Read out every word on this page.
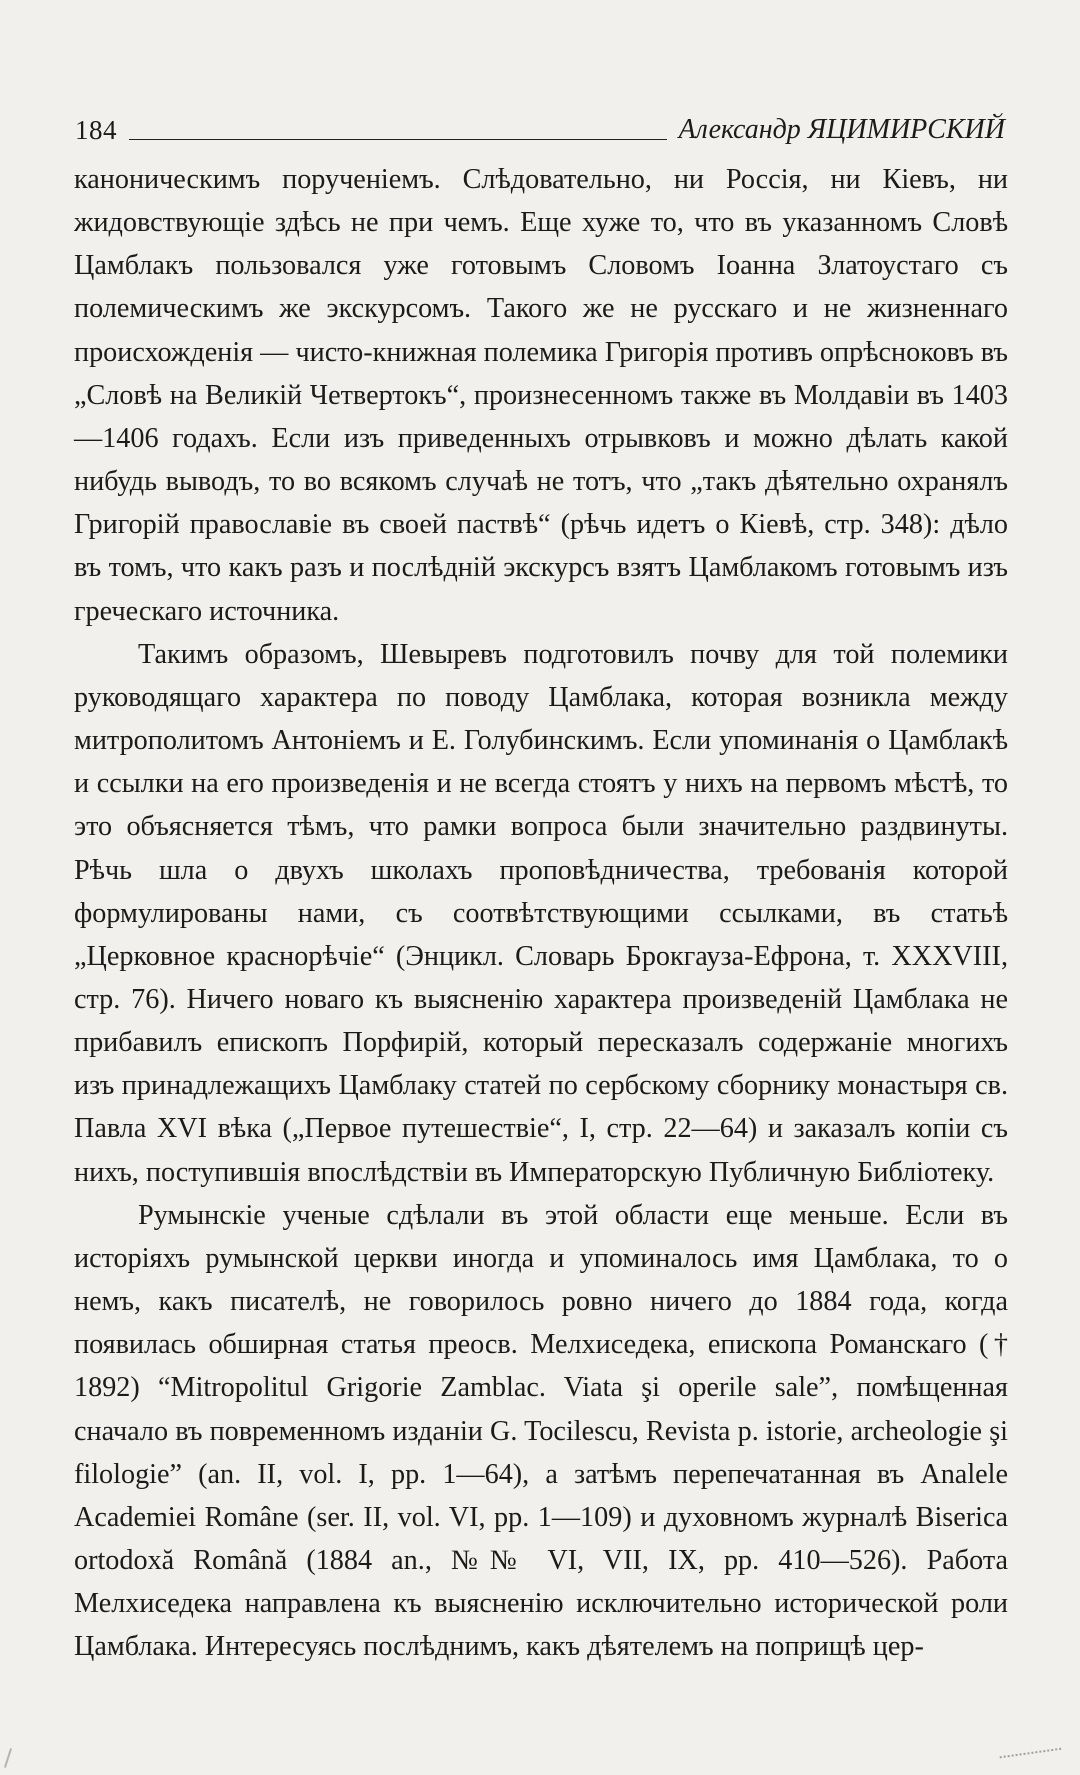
184	Александр ЯЦИМИРСКИЙ

каноническимъ порученіемъ. Слѣдовательно, ни Россія, ни Кіевъ, ни жидовствующіе здѣсь не при чемъ. Еще хуже то, что въ указанномъ Словѣ Цамблакъ пользовался уже готовымъ Словомъ Іоанна Златоустаго съ полемическимъ же экскурсомъ. Такого же не русскаго и не жизненнаго происхожденія — чисто-книжная полемика Григорія противъ опрѣсноковъ въ „Словѣ на Великій Четвертокъ“, произнесенномъ также въ Молдавіи въ 1403—1406 годахъ. Если изъ приведенныхъ отрывковъ и можно дѣлать какой нибудь выводъ, то во всякомъ случаѣ не тотъ, что „такъ дѣятельно охранялъ Григорій православіе въ своей паствѣ“ (рѣчь идетъ о Кіевѣ, стр. 348): дѣло въ томъ, что какъ разъ и послѣдній экскурсъ взятъ Цамблакомъ готовымъ изъ греческаго источника.

Такимъ образомъ, Шевыревъ подготовилъ почву для той полемики руководящаго характера по поводу Цамблака, которая возникла между митрополитомъ Антоніемъ и Е. Голубинскимъ. Если упоминанія о Цамблакѣ и ссылки на его произведенія и не всегда стоятъ у нихъ на первомъ мѣстѣ, то это объясняется тѣмъ, что рамки вопроса были значительно раздвинуты. Рѣчь шла о двухъ школахъ проповѣдничества, требованія которой формулированы нами, съ соотвѣтствующими ссылками, въ статьѣ „Церковное краснорѣчіе“ (Энцикл. Словарь Брокгауза-Ефрона, т. XXXVIII, стр. 76). Ничего новаго къ выясненію характера произведеній Цамблака не прибавилъ епископъ Порфирій, который пересказалъ содержаніе многихъ изъ принадлежащихъ Цамблаку статей по сербскому сборнику монастыря св. Павла XVI вѣка („Первое путешествіе“, I, стр. 22—64) и заказалъ копіи съ нихъ, поступившія впослѣдствіи въ Императорскую Публичную Библіотеку.

Румынскіе ученые сдѣлали въ этой области еще меньше. Если въ исторіяхъ румынской церкви иногда и упоминалось имя Цамблака, то о немъ, какъ писателѣ, не говорилось ровно ничего до 1884 года, когда появилась обширная статья преосв. Мелхиседека, епископа Романскаго († 1892) “Mitropolitul Grigorie Zamblac. Viata şi operile sale”, помѣщенная сначало въ повременномъ изданіи G. Tocilescu, Revista p. istorie, archeologie şi filologie” (an. II, vol. I, pp. 1—64), а затѣмъ перепечатанная въ Analele Academiei Române (ser. II, vol. VI, pp. 1—109) и духовномъ журналѣ Biserica ortodoxă Română (1884 an., №№ VI, VII, IX, pp. 410—526). Работа Мелхиседека направлена къ выясненію исключительно исторической роли Цамблака. Интересуясь послѣднимъ, какъ дѣятелемъ на поприщѣ цер-
